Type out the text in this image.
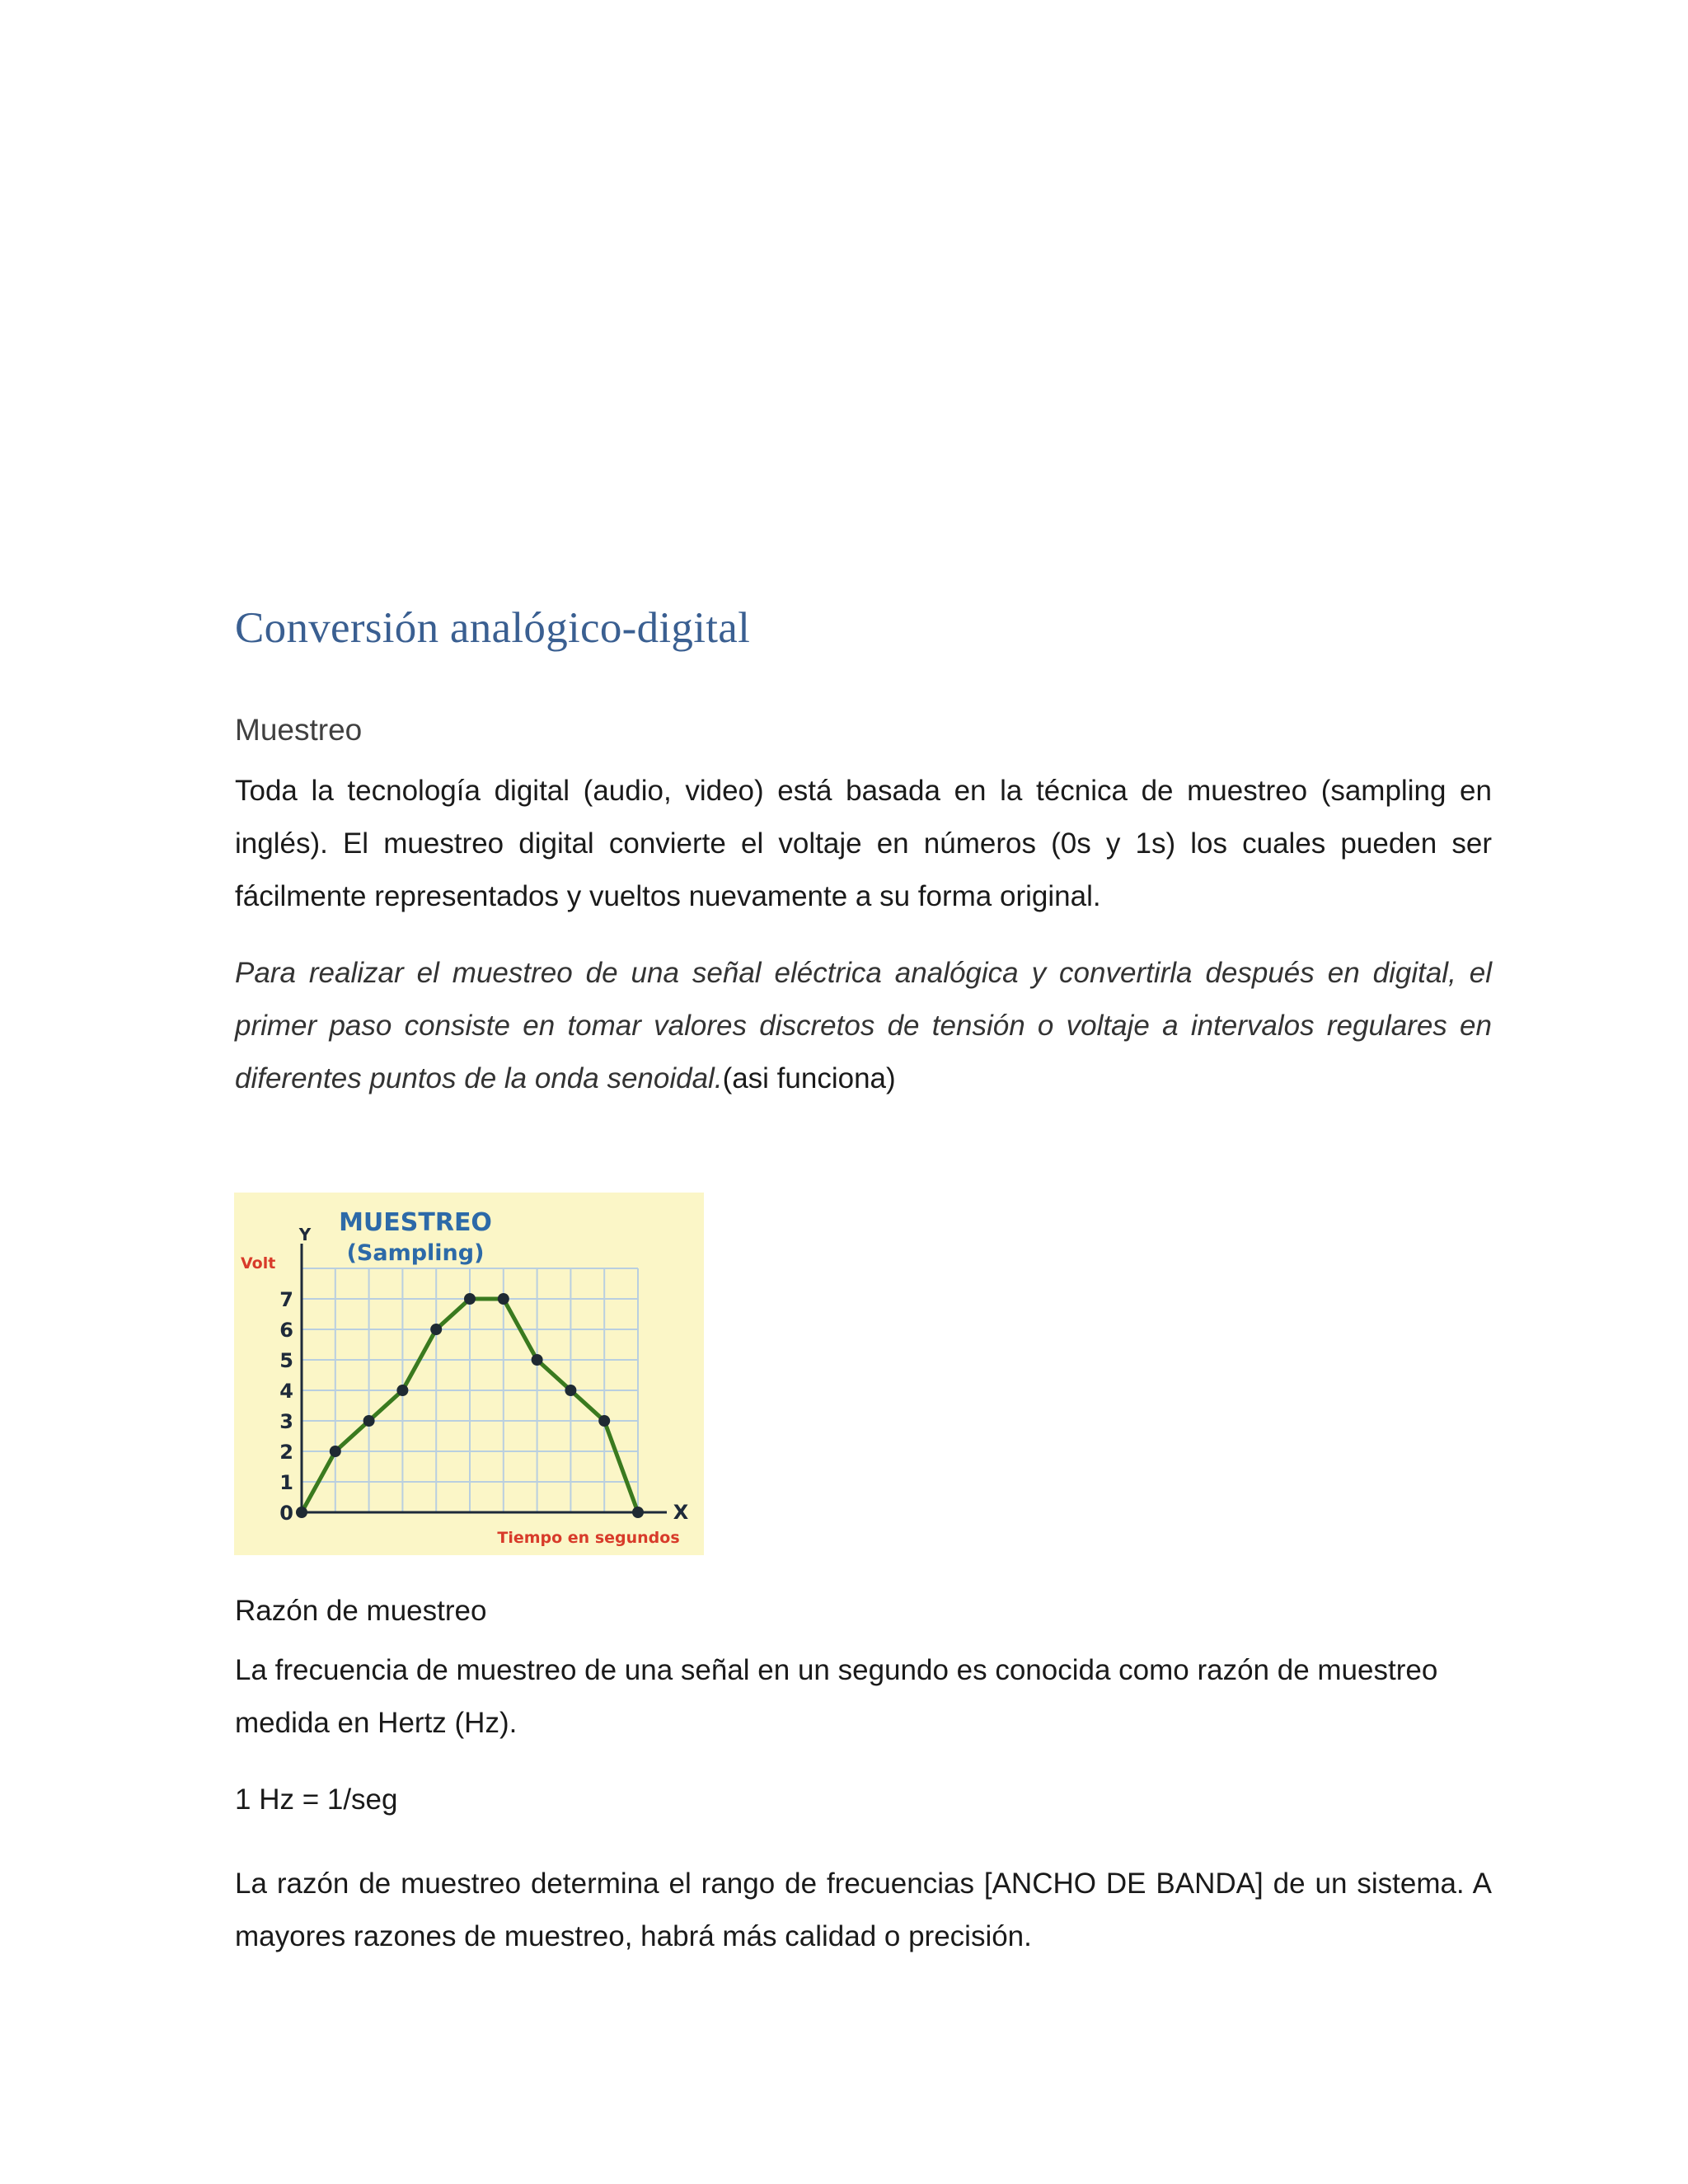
Conversión analógico-digital
Muestreo

Toda la tecnología digital (audio, video) está basada en la técnica de muestreo (sampling en inglés). El muestreo digital convierte el voltaje en números (0s y 1s) los cuales pueden ser fácilmente representados y vueltos nuevamente a su forma original.

Para realizar el muestreo de una señal eléctrica analógica y convertirla después en digital, el primer paso consiste en tomar valores discretos de tensión o voltaje a intervalos regulares en diferentes puntos de la onda senoidal.(asi funciona)

MUESTREO
(Sampling)
Volt
Y
X
Tiempo en segundos
0
1
2
3
4
5
6
7
Razón de muestreo

La frecuencia de muestreo de una señal en un segundo es conocida como razón de muestreo medida en Hertz (Hz).

1 Hz = 1/seg

La razón de muestreo determina el rango de frecuencias [ANCHO DE BANDA] de un sistema. A mayores razones de muestreo, habrá más calidad o precisión.
